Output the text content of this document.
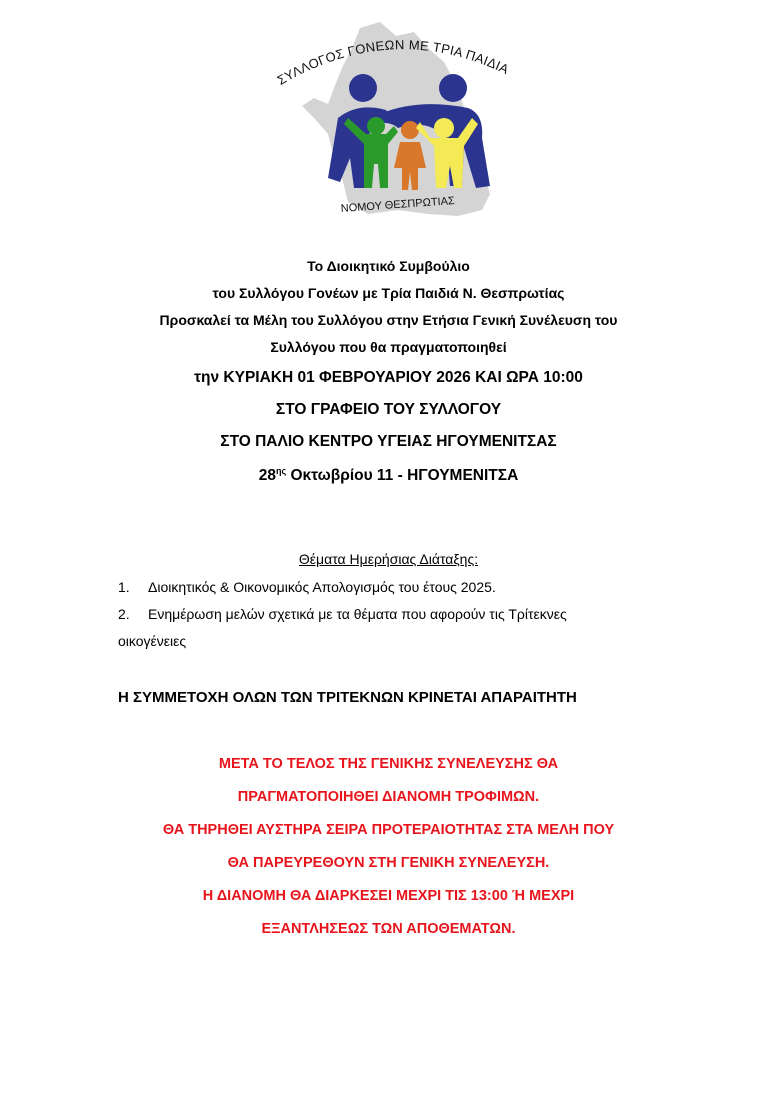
ΣΥΛΛΟΓΟΣ ΓΟΝΕΩΝ ΜΕ ΤΡΙΑ ΠΑΙΔΙΑ
ΝΟΜΟΥ ΘΕΣΠΡΩΤΙΑΣ
Το Διοικητικό Συμβούλιο
του Συλλόγου Γονέων με Τρία Παιδιά Ν. Θεσπρωτίας
Προσκαλεί τα Μέλη του Συλλόγου στην Ετήσια Γενική Συνέλευση του
Συλλόγου που θα πραγματοποιηθεί
την ΚΥΡΙΑΚΗ 01 ΦΕΒΡΟΥΑΡΙΟΥ 2026 ΚΑΙ ΩΡΑ 10:00
ΣΤΟ ΓΡΑΦΕΙΟ ΤΟΥ ΣΥΛΛΟΓΟΥ
ΣΤΟ ΠΑΛΙΟ ΚΕΝΤΡΟ ΥΓΕΙΑΣ ΗΓΟΥΜΕΝΙΤΣΑΣ
$28^{\eta\varsigma}$ Οκτωβρίου 11 - ΗΓΟΥΜΕΝΙΤΣΑ
Θέματα Ημερήσιας Διάταξης:
1. Διοικητικός & Οικονομικός Απολογισμός του έτους 2025.
2. Ενημέρωση μελών σχετικά με τα θέματα που αφορούν τις Τρίτεκνες
οικογένειες
Η ΣΥΜΜΕΤΟΧΗ ΟΛΩΝ ΤΩΝ ΤΡΙΤΕΚΝΩΝ ΚΡΙΝΕΤΑΙ ΑΠΑΡΑΙΤΗΤΗ
ΜΕΤΑ ΤΟ ΤΕΛΟΣ ΤΗΣ ΓΕΝΙΚΗΣ ΣΥΝΕΛΕΥΣΗΣ ΘΑ
ΠΡΑΓΜΑΤΟΠΟΙΗΘΕΙ ΔΙΑΝΟΜΗ ΤΡΟΦΙΜΩΝ.
ΘΑ ΤΗΡΗΘΕΙ ΑΥΣΤΗΡΑ ΣΕΙΡΑ ΠΡΟΤΕΡΑΙΟΤΗΤΑΣ ΣΤΑ ΜΕΛΗ ΠΟΥ
ΘΑ ΠΑΡΕΥΡΕΘΟΥΝ ΣΤΗ ΓΕΝΙΚΗ ΣΥΝΕΛΕΥΣΗ.
Η ΔΙΑΝΟΜΗ ΘΑ ΔΙΑΡΚΕΣΕΙ ΜΕΧΡΙ ΤΙΣ 13:00 Ή ΜΕΧΡΙ
ΕΞΑΝΤΛΗΣΕΩΣ ΤΩΝ ΑΠΟΘΕΜΑΤΩΝ.
